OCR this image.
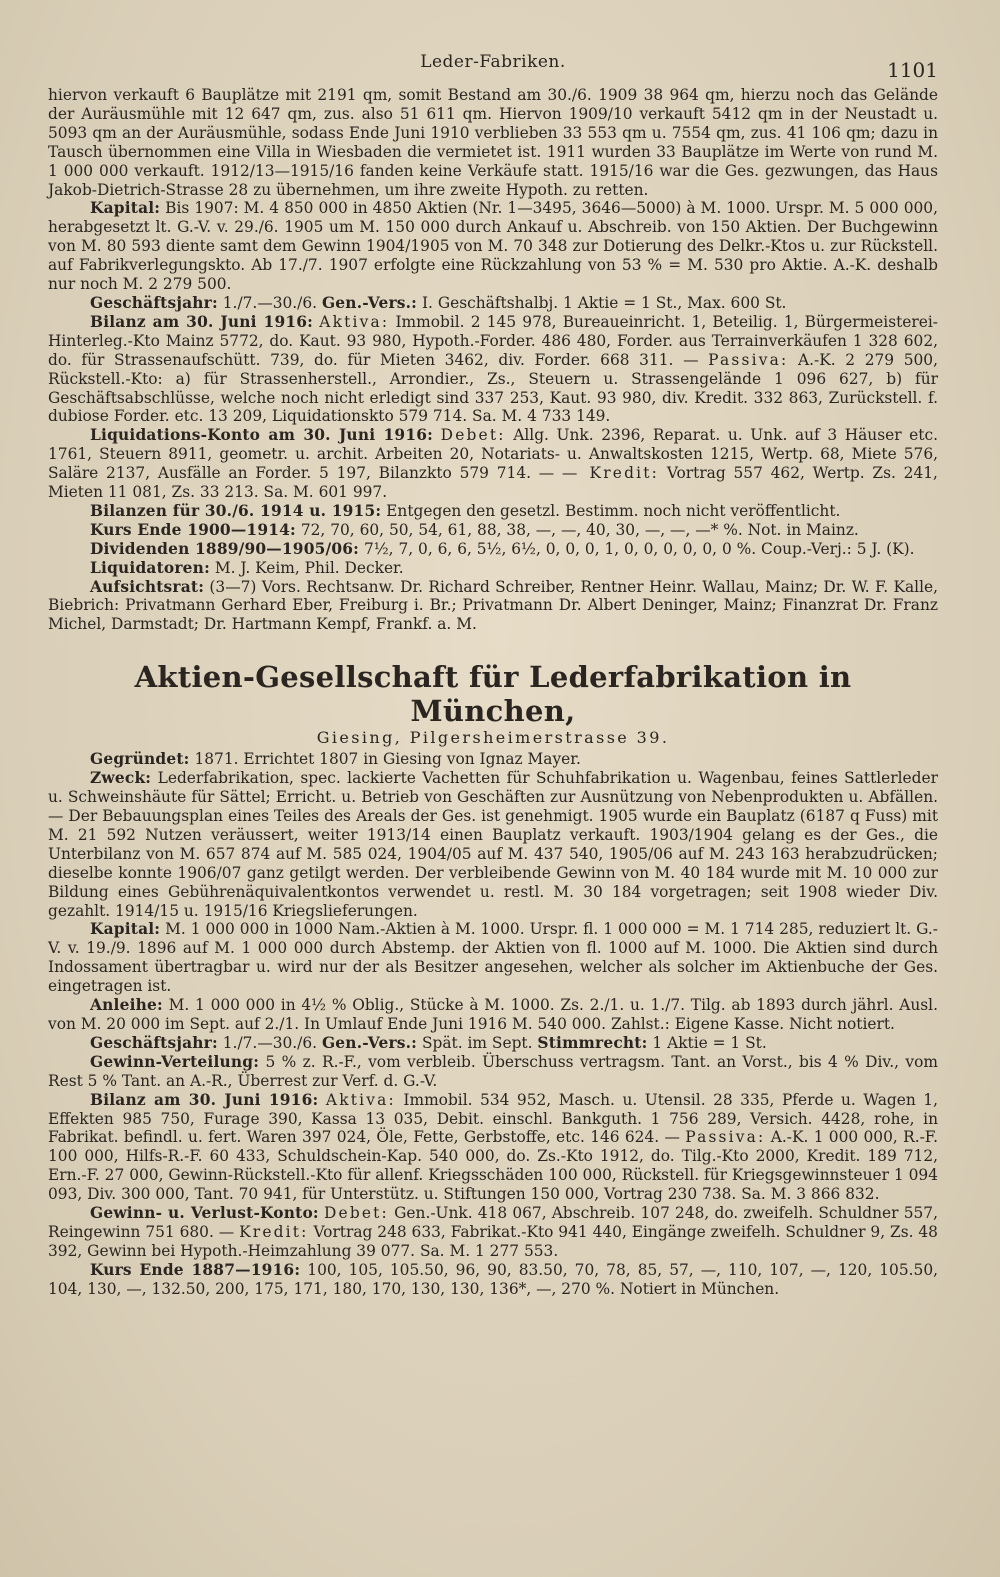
Leder-Fabriken.	1101

hiervon verkauft 6 Bauplätze mit 2191 qm, somit Bestand am 30./6. 1909 38 964 qm, hierzu noch das Gelände der Auräusmühle mit 12 647 qm, zus. also 51 611 qm. Hiervon 1909/10 verkauft 5412 qm in der Neustadt u. 5093 qm an der Auräusmühle, sodass Ende Juni 1910 verblieben 33 553 qm u. 7554 qm, zus. 41 106 qm; dazu in Tausch übernommen eine Villa in Wiesbaden die vermietet ist. 1911 wurden 33 Bauplätze im Werte von rund M. 1 000 000 verkauft. 1912/13—1915/16 fanden keine Verkäufe statt. 1915/16 war die Ges. gezwungen, das Haus Jakob-Dietrich-Strasse 28 zu übernehmen, um ihre zweite Hypoth. zu retten.

Kapital: Bis 1907: M. 4 850 000 in 4850 Aktien (Nr. 1—3495, 3646—5000) à M. 1000. Urspr. M. 5 000 000, herabgesetzt lt. G.-V. v. 29./6. 1905 um M. 150 000 durch Ankauf u. Abschreib. von 150 Aktien. Der Buchgewinn von M. 80 593 diente samt dem Gewinn 1904/1905 von M. 70 348 zur Dotierung des Delkr.-Ktos u. zur Rückstell. auf Fabrikverlegungskto. Ab 17./7. 1907 erfolgte eine Rückzahlung von 53 % = M. 530 pro Aktie. A.-K. deshalb nur noch M. 2 279 500.

Geschäftsjahr: 1./7.—30./6. Gen.-Vers.: I. Geschäftshalbj. 1 Aktie = 1 St., Max. 600 St.

Bilanz am 30. Juni 1916: Aktiva: Immobil. 2 145 978, Bureaueinricht. 1, Beteilig. 1, Bürgermeisterei-Hinterleg.-Kto Mainz 5772, do. Kaut. 93 980, Hypoth.-Forder. 486 480, Forder. aus Terrainverkäufen 1 328 602, do. für Strassenaufschütt. 739, do. für Mieten 3462, div. Forder. 668 311. — Passiva: A.-K. 2 279 500, Rückstell.-Kto: a) für Strassenherstell., Arrondier., Zs., Steuern u. Strassengelände 1 096 627, b) für Geschäftsabschlüsse, welche noch nicht erledigt sind 337 253, Kaut. 93 980, div. Kredit. 332 863, Zurückstell. f. dubiose Forder. etc. 13 209, Liquidationskto 579 714. Sa. M. 4 733 149.

Liquidations-Konto am 30. Juni 1916: Debet: Allg. Unk. 2396, Reparat. u. Unk. auf 3 Häuser etc. 1761, Steuern 8911, geometr. u. archit. Arbeiten 20, Notariats- u. Anwaltskosten 1215, Wertp. 68, Miete 576, Saläre 2137, Ausfälle an Forder. 5 197, Bilanzkto 579 714. — — Kredit: Vortrag 557 462, Wertp. Zs. 241, Mieten 11 081, Zs. 33 213. Sa. M. 601 997.

Bilanzen für 30./6. 1914 u. 1915: Entgegen den gesetzl. Bestimm. noch nicht veröffentlicht.

Kurs Ende 1900—1914: 72, 70, 60, 50, 54, 61, 88, 38, —, —, 40, 30, —, —, —* %. Not. in Mainz.

Dividenden 1889/90—1905/06: 7½, 7, 0, 6, 6, 5½, 6½, 0, 0, 0, 1, 0, 0, 0, 0, 0, 0 %. Coup.-Verj.: 5 J. (K).

Liquidatoren: M. J. Keim, Phil. Decker.

Aufsichtsrat: (3—7) Vors. Rechtsanw. Dr. Richard Schreiber, Rentner Heinr. Wallau, Mainz; Dr. W. F. Kalle, Biebrich: Privatmann Gerhard Eber, Freiburg i. Br.; Privatmann Dr. Albert Deninger, Mainz; Finanzrat Dr. Franz Michel, Darmstadt; Dr. Hartmann Kempf, Frankf. a. M.

Aktien-Gesellschaft für Lederfabrikation in München,
Giesing, Pilgersheimerstrasse 39.

Gegründet: 1871. Errichtet 1807 in Giesing von Ignaz Mayer.

Zweck: Lederfabrikation, spec. lackierte Vachetten für Schuhfabrikation u. Wagenbau, feines Sattlerleder u. Schweinshäute für Sättel; Erricht. u. Betrieb von Geschäften zur Ausnützung von Nebenprodukten u. Abfällen. — Der Bebauungsplan eines Teiles des Areals der Ges. ist genehmigt. 1905 wurde ein Bauplatz (6187 q Fuss) mit M. 21 592 Nutzen veräussert, weiter 1913/14 einen Bauplatz verkauft. 1903/1904 gelang es der Ges., die Unterbilanz von M. 657 874 auf M. 585 024, 1904/05 auf M. 437 540, 1905/06 auf M. 243 163 herabzudrücken; dieselbe konnte 1906/07 ganz getilgt werden. Der verbleibende Gewinn von M. 40 184 wurde mit M. 10 000 zur Bildung eines Gebührenäquivalentkontos verwendet u. restl. M. 30 184 vorgetragen; seit 1908 wieder Div. gezahlt. 1914/15 u. 1915/16 Kriegslieferungen.

Kapital: M. 1 000 000 in 1000 Nam.-Aktien à M. 1000. Urspr. fl. 1 000 000 = M. 1 714 285, reduziert lt. G.-V. v. 19./9. 1896 auf M. 1 000 000 durch Abstemp. der Aktien von fl. 1000 auf M. 1000. Die Aktien sind durch Indossament übertragbar u. wird nur der als Besitzer angesehen, welcher als solcher im Aktienbuche der Ges. eingetragen ist.

Anleihe: M. 1 000 000 in 4½ % Oblig., Stücke à M. 1000. Zs. 2./1. u. 1./7. Tilg. ab 1893 durch jährl. Ausl. von M. 20 000 im Sept. auf 2./1. In Umlauf Ende Juni 1916 M. 540 000. Zahlst.: Eigene Kasse. Nicht notiert.

Geschäftsjahr: 1./7.—30./6. Gen.-Vers.: Spät. im Sept. Stimmrecht: 1 Aktie = 1 St.

Gewinn-Verteilung: 5 % z. R.-F., vom verbleib. Überschuss vertragsm. Tant. an Vorst., bis 4 % Div., vom Rest 5 % Tant. an A.-R., Überrest zur Verf. d. G.-V.

Bilanz am 30. Juni 1916: Aktiva: Immobil. 534 952, Masch. u. Utensil. 28 335, Pferde u. Wagen 1, Effekten 985 750, Furage 390, Kassa 13 035, Debit. einschl. Bankguth. 1 756 289, Versich. 4428, rohe, in Fabrikat. befindl. u. fert. Waren 397 024, Öle, Fette, Gerbstoffe, etc. 146 624. — Passiva: A.-K. 1 000 000, R.-F. 100 000, Hilfs-R.-F. 60 433, Schuldschein-Kap. 540 000, do. Zs.-Kto 1912, do. Tilg.-Kto 2000, Kredit. 189 712, Ern.-F. 27 000, Gewinn-Rückstell.-Kto für allenf. Kriegsschäden 100 000, Rückstell. für Kriegsgewinnsteuer 1 094 093, Div. 300 000, Tant. 70 941, für Unterstütz. u. Stiftungen 150 000, Vortrag 230 738. Sa. M. 3 866 832.

Gewinn- u. Verlust-Konto: Debet: Gen.-Unk. 418 067, Abschreib. 107 248, do. zweifelh. Schuldner 557, Reingewinn 751 680. — Kredit: Vortrag 248 633, Fabrikat.-Kto 941 440, Eingänge zweifelh. Schuldner 9, Zs. 48 392, Gewinn bei Hypoth.-Heimzahlung 39 077. Sa. M. 1 277 553.

Kurs Ende 1887—1916: 100, 105, 105.50, 96, 90, 83.50, 70, 78, 85, 57, —, 110, 107, —, 120, 105.50, 104, 130, —, 132.50, 200, 175, 171, 180, 170, 130, 130, 136*, —, 270 %. Notiert in München.
